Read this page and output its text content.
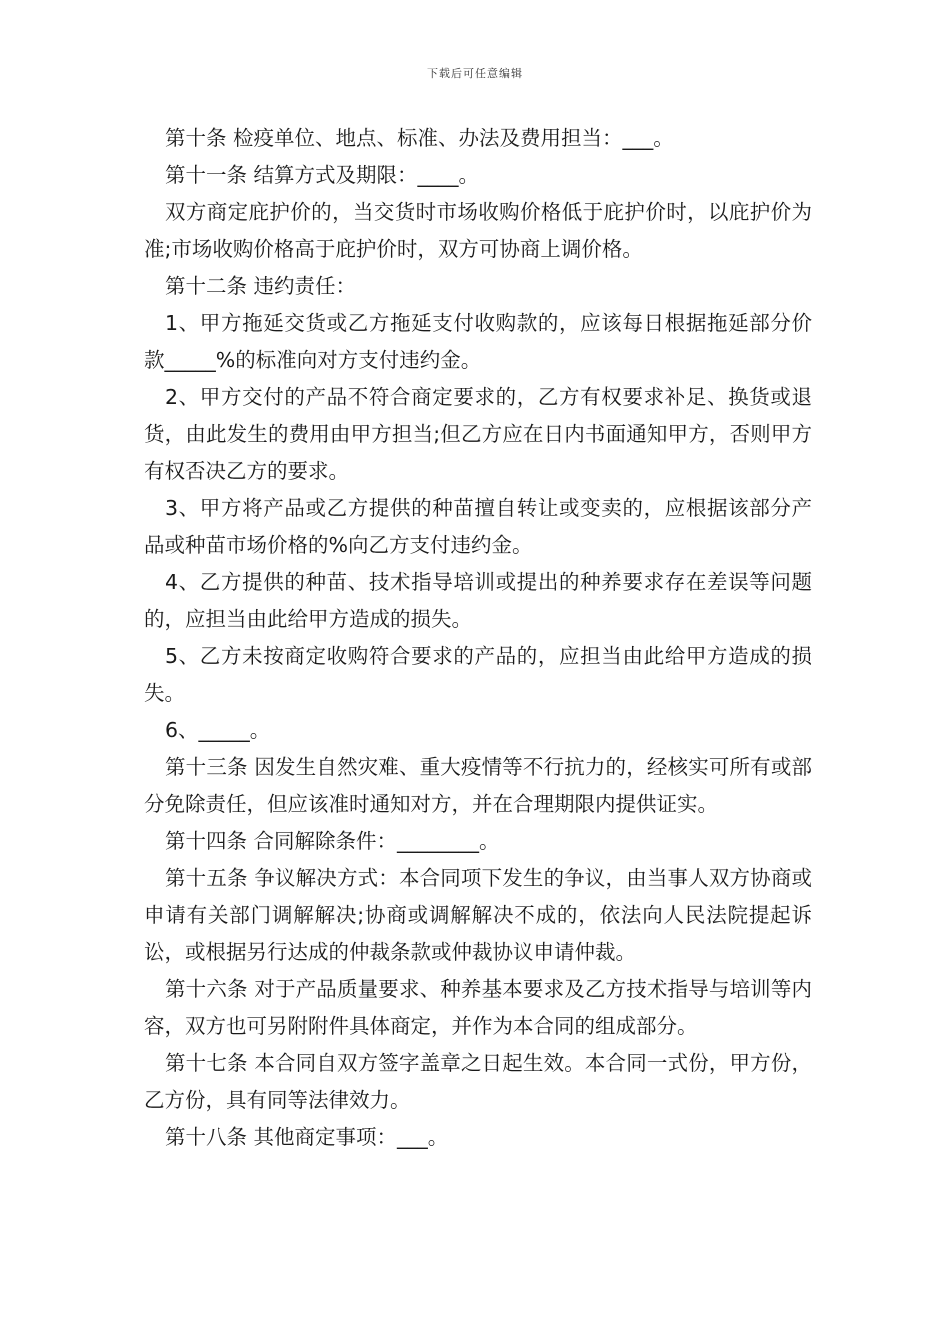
下载后可任意编辑

第十条 检疫单位、地点、标准、办法及费用担当：___。

第十一条 结算方式及期限：____。

双方商定庇护价的，当交货时市场收购价格低于庇护价时，以庇护价为准;市场收购价格高于庇护价时，双方可协商上调价格。

第十二条 违约责任：

1、甲方拖延交货或乙方拖延支付收购款的，应该每日根据拖延部分价款_____%的标准向对方支付违约金。

2、甲方交付的产品不符合商定要求的，乙方有权要求补足、换货或退货，由此发生的费用由甲方担当;但乙方应在日内书面通知甲方，否则甲方有权否决乙方的要求。

3、甲方将产品或乙方提供的种苗擅自转让或变卖的，应根据该部分产品或种苗市场价格的%向乙方支付违约金。

4、乙方提供的种苗、技术指导培训或提出的种养要求存在差误等问题的，应担当由此给甲方造成的损失。

5、乙方未按商定收购符合要求的产品的，应担当由此给甲方造成的损失。

6、_____。

第十三条 因发生自然灾难、重大疫情等不行抗力的，经核实可所有或部分免除责任，但应该准时通知对方，并在合理期限内提供证实。

第十四条 合同解除条件：________。

第十五条 争议解决方式：本合同项下发生的争议，由当事人双方协商或申请有关部门调解解决;协商或调解解决不成的，依法向人民法院提起诉讼，或根据另行达成的仲裁条款或仲裁协议申请仲裁。

第十六条 对于产品质量要求、种养基本要求及乙方技术指导与培训等内容，双方也可另附附件具体商定，并作为本合同的组成部分。

第十七条 本合同自双方签字盖章之日起生效。本合同一式份，甲方份，乙方份，具有同等法律效力。

第十八条 其他商定事项：___。
